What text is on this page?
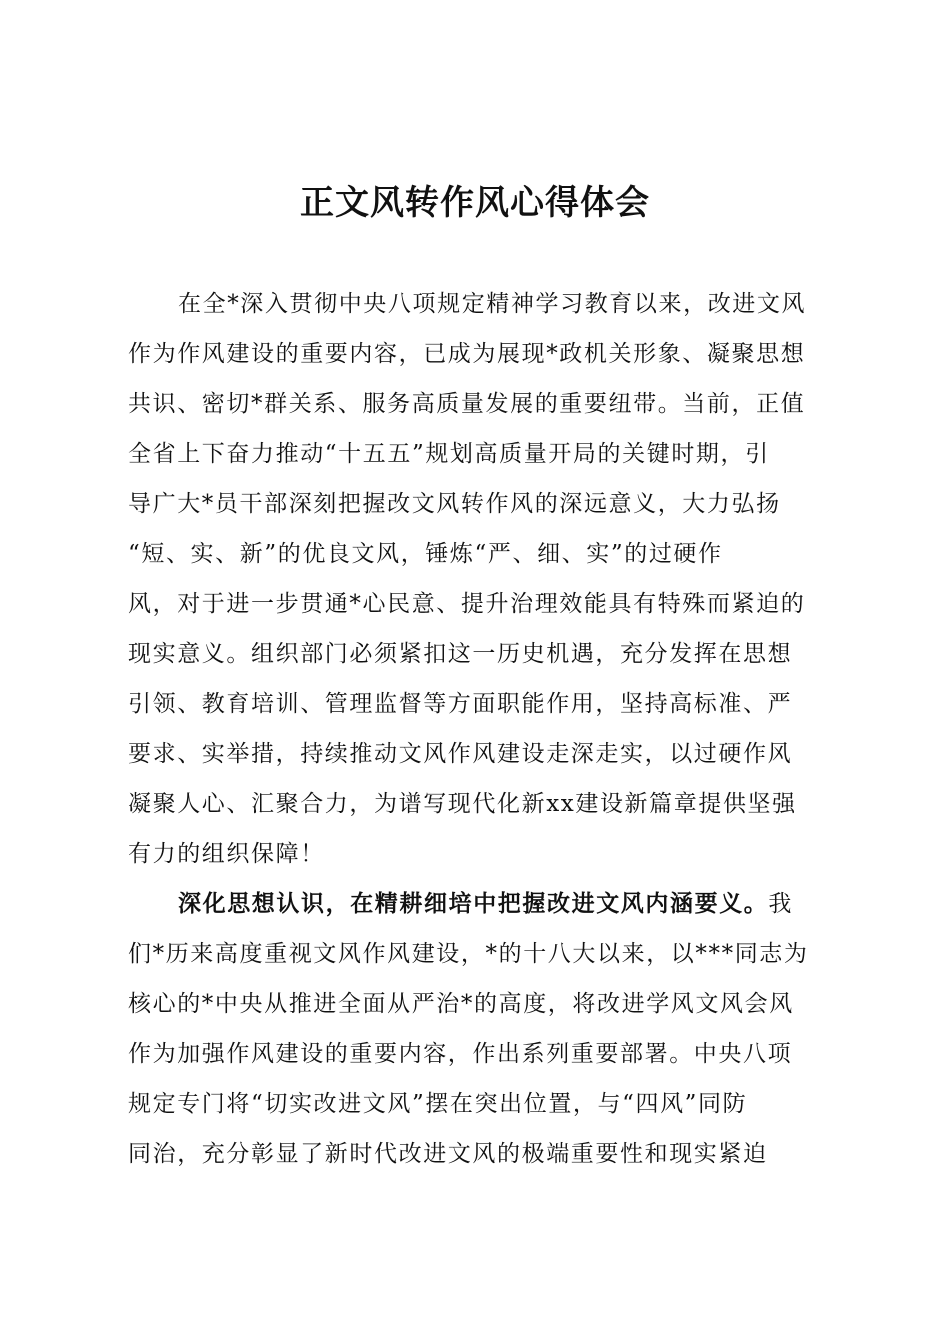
正文风转作风心得体会
在全*深入贯彻中央八项规定精神学习教育以来，改进文风
作为作风建设的重要内容，已成为展现*政机关形象、凝聚思想
共识、密切*群关系、服务高质量发展的重要纽带。当前，正值
全省上下奋力推动“十五五”规划高质量开局的关键时期，引
导广大*员干部深刻把握改文风转作风的深远意义，大力弘扬
“短、实、新”的优良文风，锤炼“严、细、实”的过硬作
风，对于进一步贯通*心民意、提升治理效能具有特殊而紧迫的
现实意义。组织部门必须紧扣这一历史机遇，充分发挥在思想
引领、教育培训、管理监督等方面职能作用，坚持高标准、严
要求、实举措，持续推动文风作风建设走深走实，以过硬作风
凝聚人心、汇聚合力，为谱写现代化新xx建设新篇章提供坚强
有力的组织保障！
深化思想认识，在精耕细培中把握改进文风内涵要义。我
们*历来高度重视文风作风建设，*的十八大以来，以***同志为
核心的*中央从推进全面从严治*的高度，将改进学风文风会风
作为加强作风建设的重要内容，作出系列重要部署。中央八项
规定专门将“切实改进文风”摆在突出位置，与“四风”同防
同治，充分彰显了新时代改进文风的极端重要性和现实紧迫
